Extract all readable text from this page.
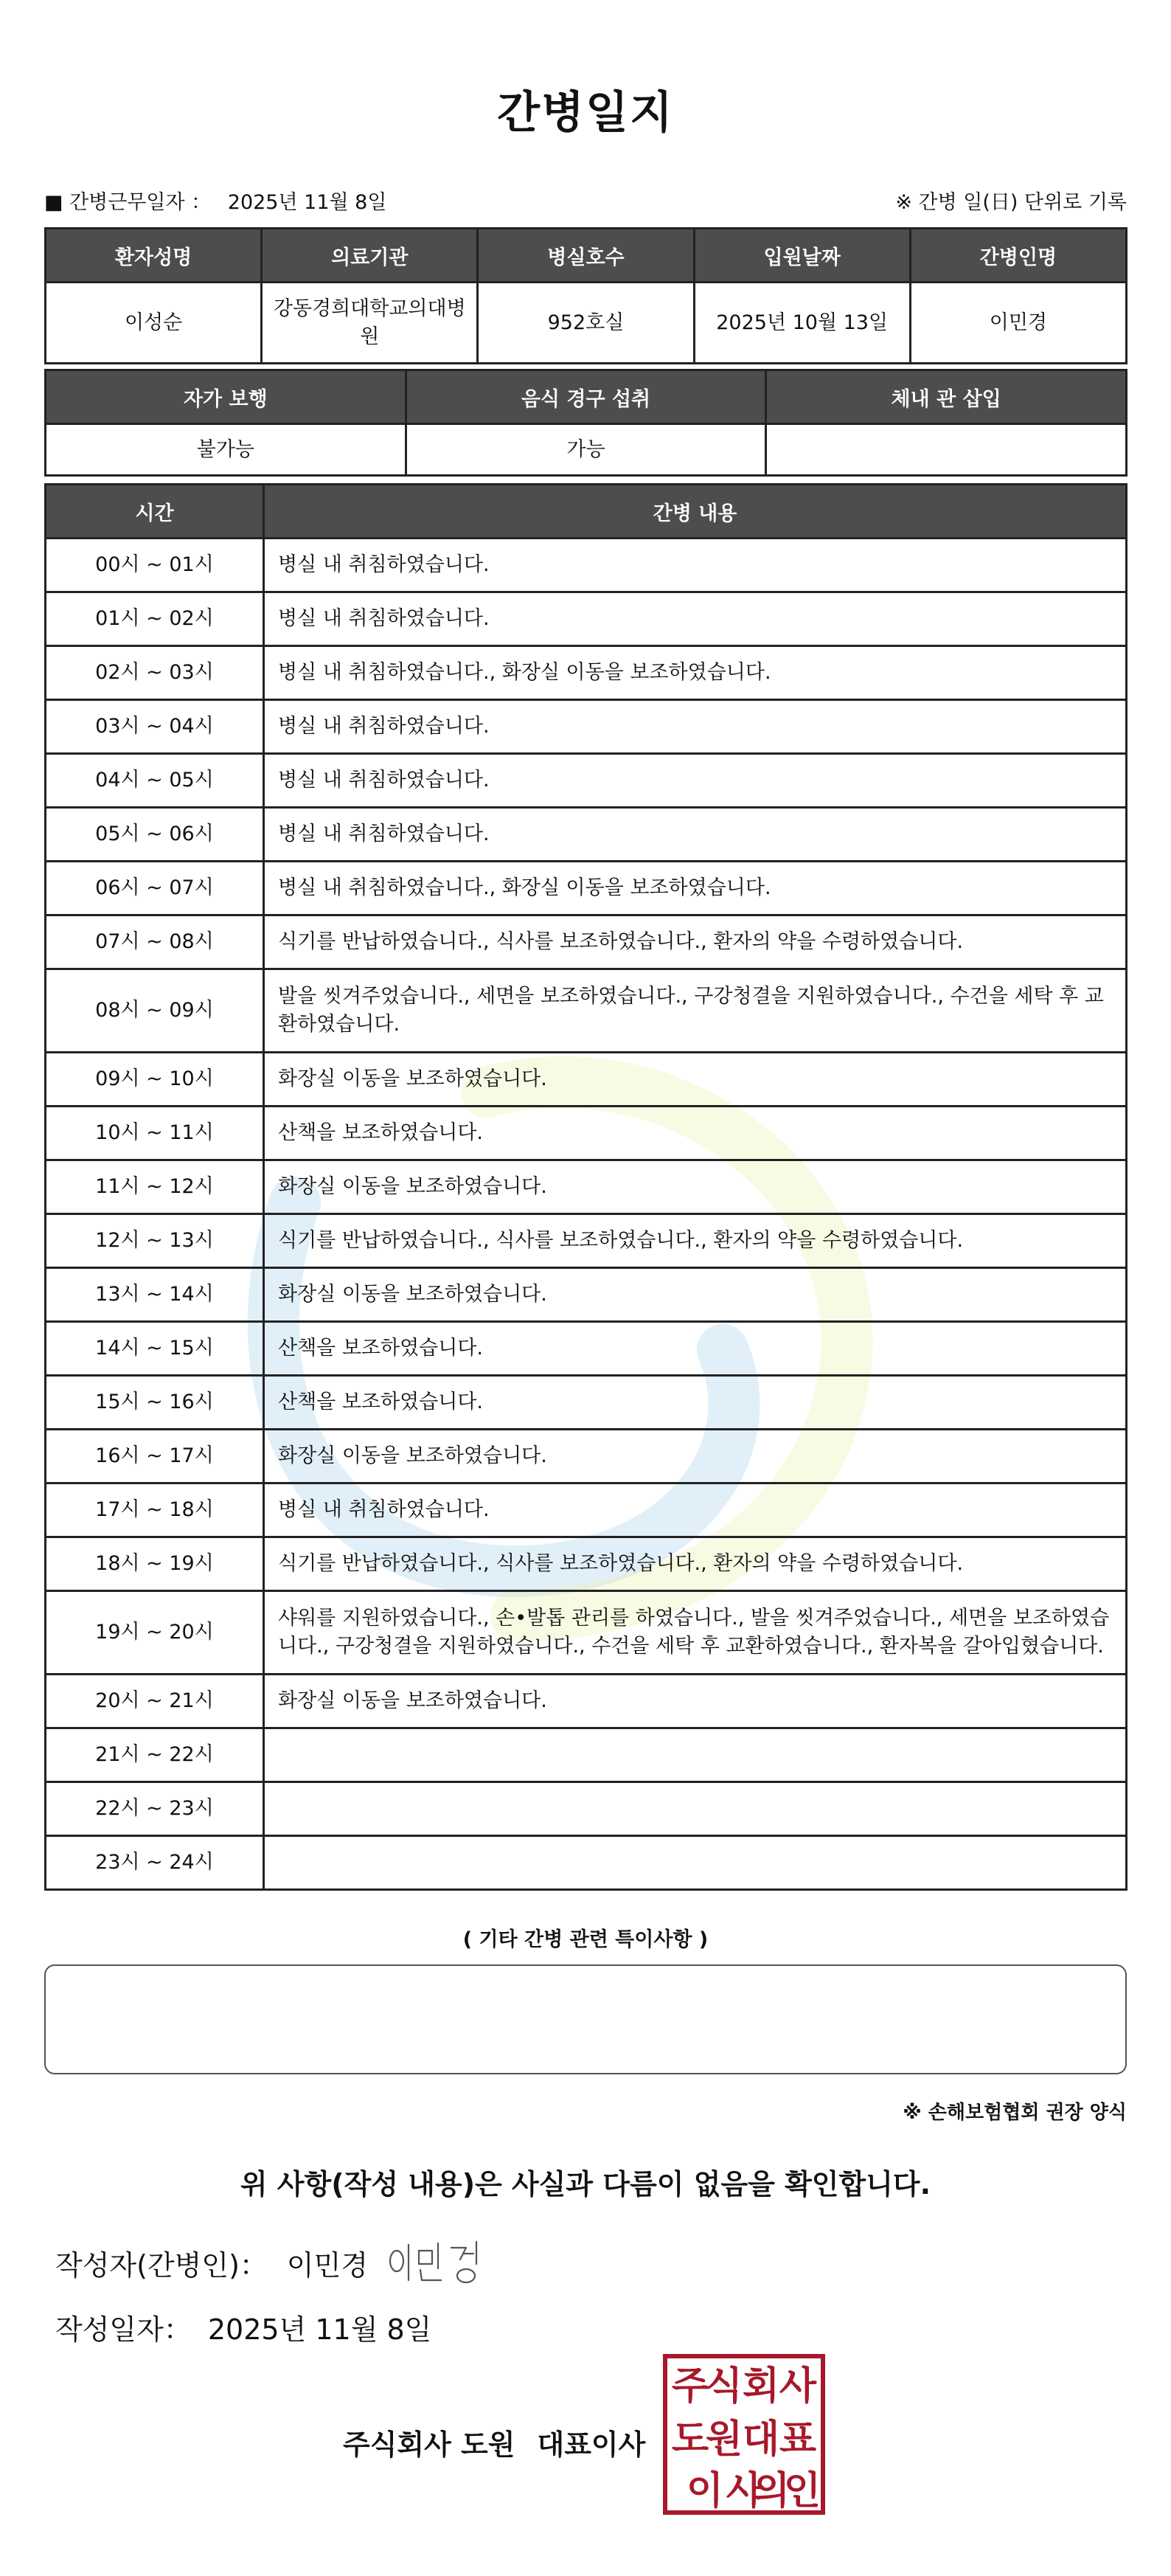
간병일지
■ 간병근무일자 ： 2025년 11월 8일	※ 간병 일(日) 단위로 기록
환자성명	의료기관	병실호수	입원날짜	간병인명
이성순	강동경희대학교의대병원	952호실	2025년 10월 13일	이민경
자가 보행	음식 경구 섭취	체내 관 삽입
불가능	가능	
시간	간병 내용
00시 ~ 01시	병실 내 취침하였습니다.
01시 ~ 02시	병실 내 취침하였습니다.
02시 ~ 03시	병실 내 취침하였습니다., 화장실 이동을 보조하였습니다.
03시 ~ 04시	병실 내 취침하였습니다.
04시 ~ 05시	병실 내 취침하였습니다.
05시 ~ 06시	병실 내 취침하였습니다.
06시 ~ 07시	병실 내 취침하였습니다., 화장실 이동을 보조하였습니다.
07시 ~ 08시	식기를 반납하였습니다., 식사를 보조하였습니다., 환자의 약을 수령하였습니다.
08시 ~ 09시	발을 씻겨주었습니다., 세면을 보조하였습니다., 구강청결을 지원하였습니다., 수건을 세탁 후 교환하였습니다.
09시 ~ 10시	화장실 이동을 보조하였습니다.
10시 ~ 11시	산책을 보조하였습니다.
11시 ~ 12시	화장실 이동을 보조하였습니다.
12시 ~ 13시	식기를 반납하였습니다., 식사를 보조하였습니다., 환자의 약을 수령하였습니다.
13시 ~ 14시	화장실 이동을 보조하였습니다.
14시 ~ 15시	산책을 보조하였습니다.
15시 ~ 16시	산책을 보조하였습니다.
16시 ~ 17시	화장실 이동을 보조하였습니다.
17시 ~ 18시	병실 내 취침하였습니다.
18시 ~ 19시	식기를 반납하였습니다., 식사를 보조하였습니다., 환자의 약을 수령하였습니다.
19시 ~ 20시	샤워를 지원하였습니다., 손•발톱 관리를 하였습니다., 발을 씻겨주었습니다., 세면을 보조하였습니다., 구강청결을 지원하였습니다., 수건을 세탁 후 교환하였습니다., 환자복을 갈아입혔습니다.
20시 ~ 21시	화장실 이동을 보조하였습니다.
21시 ~ 22시	
22시 ~ 23시	
23시 ~ 24시	
( 기타 간병 관련 특이사항 )
※ 손해보험협회 권장 양식
위 사항(작성 내용)은 사실과 다름이 없음을 확인합니다.
작성자(간병인)： 이민경
작성일자： 2025년 11월 8일
주식회사 도원 대표이사
주
식 회 사
도
원 대 표
이 사
의
인
